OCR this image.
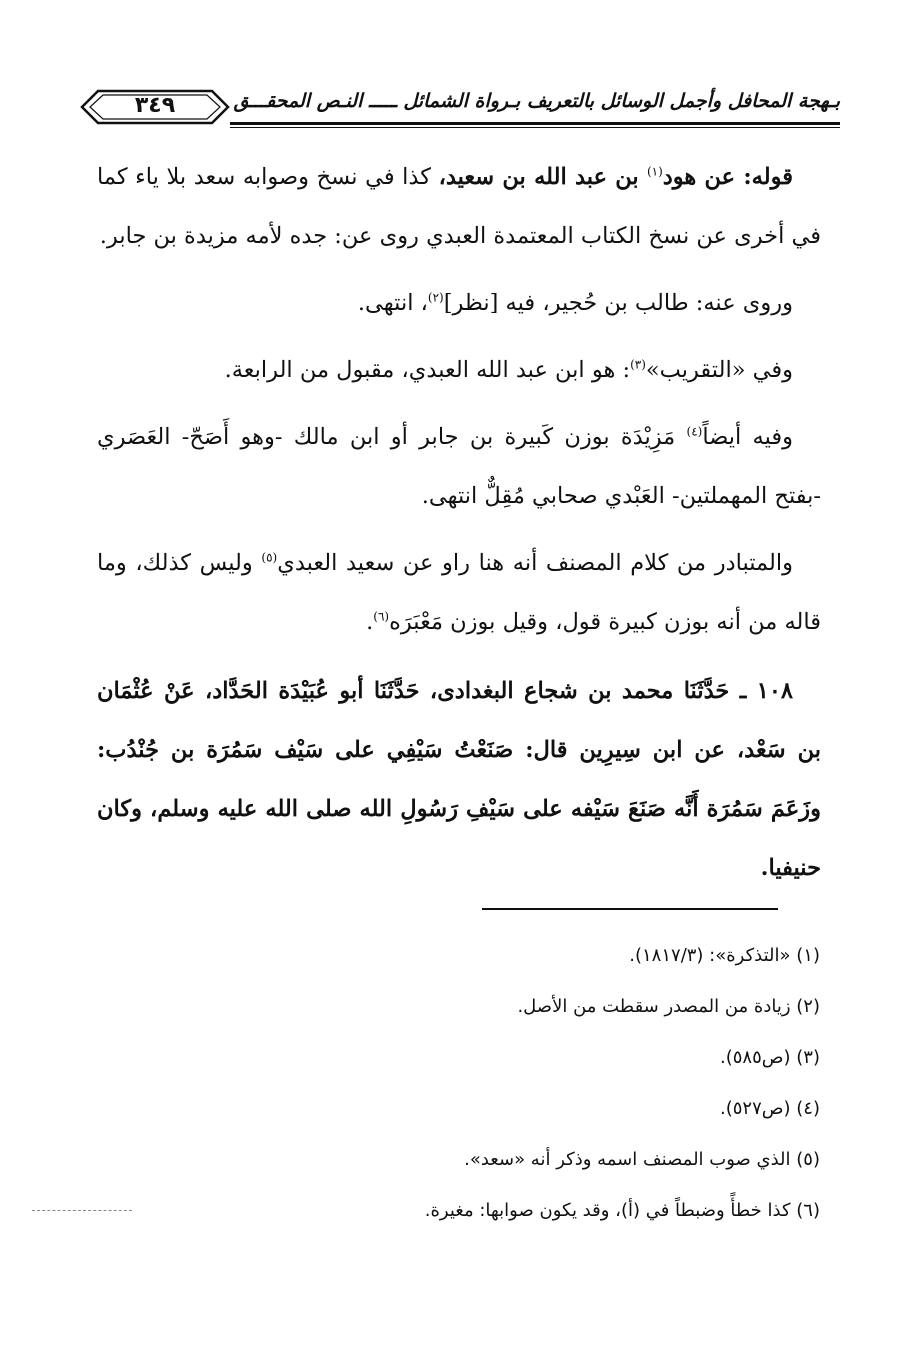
٣٤٩	بـهجة المحافل وأجمل الوسائل بالتعريف بـرواة الشمائل ـــــ النـص المحقـــق

قوله: عن هود$^{(١)}$ بن عبد الله بن سعيد، كذا في نسخ وصوابه سعد بلا ياء كما في أخرى عن نسخ الكتاب المعتمدة العبدي روى عن: جده لأمه مزيدة بن جابر.

وروى عنه: طالب بن حُجير، فيه [نظر]$^{(٢)}$، انتهى.

وفي «التقريب»$^{(٣)}$: هو ابن عبد الله العبدي، مقبول من الرابعة.

وفيه أيضاً$^{(٤)}$ مَزِيْدَة بوزن كَبيرة بن جابر أو ابن مالك -وهو أَصَحّ- العَصَري -بفتح المهملتين- العَبْدي صحابي مُقِلٌّ انتهى.

والمتبادر من كلام المصنف أنه هنا راو عن سعيد العبدي$^{(٥)}$ وليس كذلك، وما قاله من أنه بوزن كبيرة قول، وقيل بوزن مَعْبَرَه$^{(٦)}$.

١٠٨ ـ حَدَّثَنَا محمد بن شجاع البغدادى، حَدَّثَنَا أبو عُبَيْدَة الحَدَّاد، عَنْ عُثْمَان بن سَعْد، عن ابن سِيرِين قال: صَنَعْتُ سَيْفِي على سَيْف سَمُرَة بن جُنْدُب: وزَعَمَ سَمُرَة أَنَّه صَنَعَ سَيْفه على سَيْفِ رَسُولِ الله صلى الله عليه وسلم، وكان حنيفيا.

(١) «التذكرة»: (١٨١٧/٣).

(٢) زيادة من المصدر سقطت من الأصل.

(٣) (ص٥٨٥).

(٤) (ص٥٢٧).

(٥) الذي صوب المصنف اسمه وذكر أنه «سعد».

(٦) كذا خطأً وضبطاً في (أ)، وقد يكون صوابها: مغيرة.
